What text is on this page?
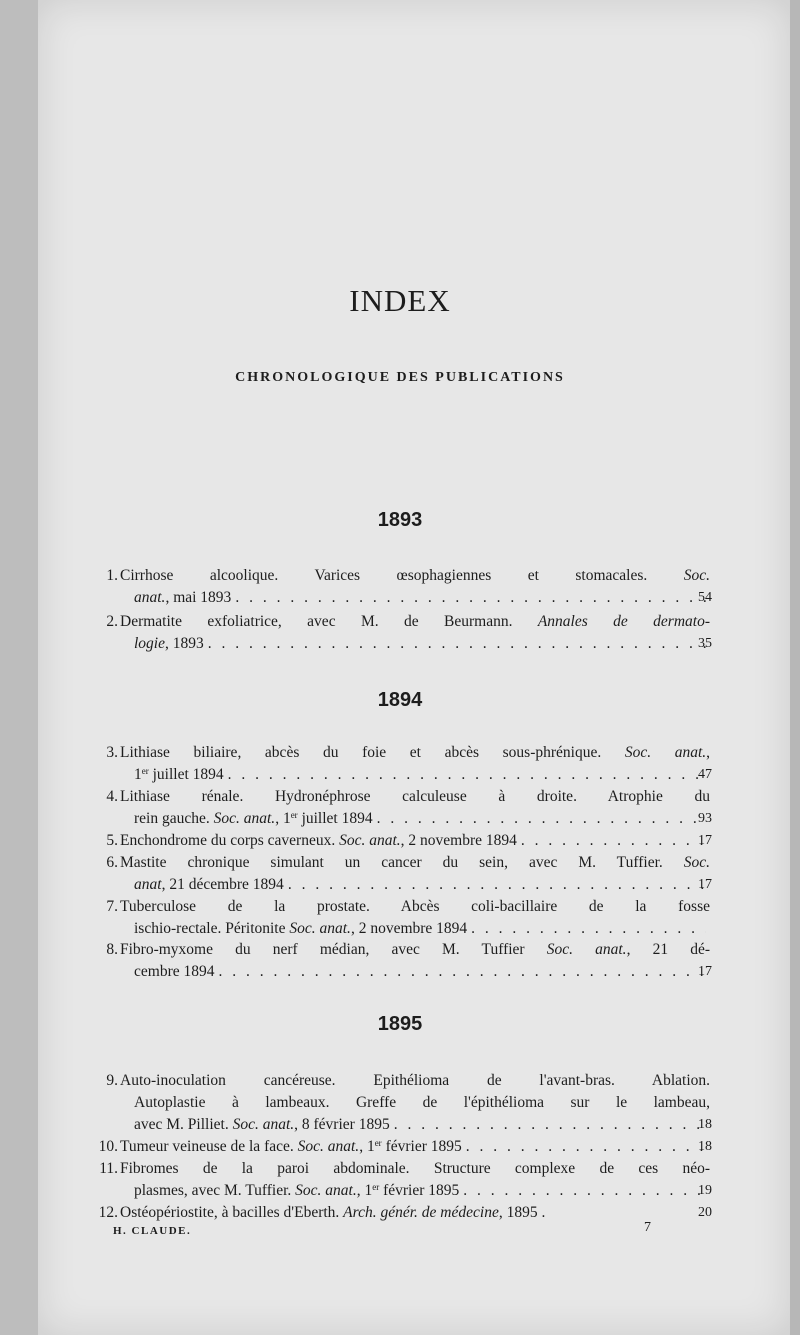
INDEX
CHRONOLOGIQUE DES PUBLICATIONS
1893
1. Cirrhose alcoolique. Varices œsophagiennes et stomacales. Soc.
anat., mai 1893 . . .	54
2. Dermatite exfoliatrice, avec M. de Beurmann. Annales de dermato-
logie, 1893 . . .	35
1894
3. Lithiase biliaire, abcès du foie et abcès sous-phrénique. Soc. anat.,
1er juillet 1894 . . .	47
4. Lithiase rénale. Hydronéphrose calculeuse à droite. Atrophie du
rein gauche. Soc. anat., 1er juillet 1894 . . .	93
5. Enchondrome du corps caverneux. Soc. anat., 2 novembre 1894 . . .	17
6. Mastite chronique simulant un cancer du sein, avec M. Tuffier. Soc.
anat, 21 décembre 1894 . . .	17
7. Tuberculose de la prostate. Abcès coli-bacillaire de la fosse
ischio-rectale. Péritonite Soc. anat., 2 novembre 1894
. . .
8. Fibro-myxome du nerf médian, avec M. Tuffier Soc. anat., 21 dé-
cembre 1894 . . .	17
1895
9. Auto-inoculation cancéreuse. Epithélioma de l'avant-bras. Ablation.
Autoplastie à lambeaux. Greffe de l'épithélioma sur le lambeau,
avec M. Pilliet. Soc. anat., 8 février 1895 . . .	18
10. Tumeur veineuse de la face. Soc. anat., 1er février 1895 . . .	18
11. Fibromes de la paroi abdominale. Structure complexe de ces néo-
plasmes, avec M. Tuffier. Soc. anat., 1er février 1895 . . .	19
12. Ostéopériostite, à bacilles d'Eberth. Arch. génér. de médecine, 1895 .	20
H. CLAUDE.	7
